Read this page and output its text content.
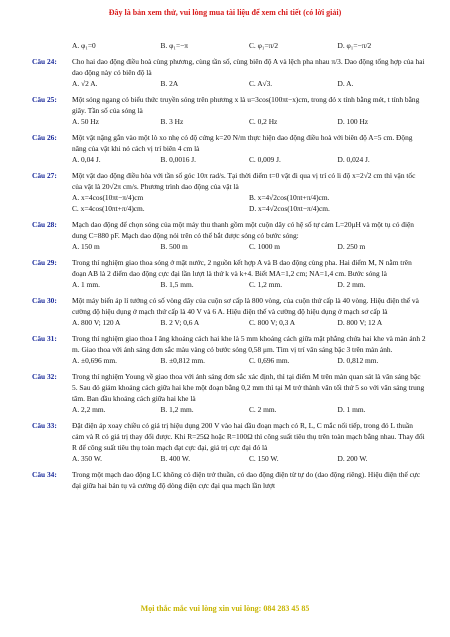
Đây là bản xem thử, vui lòng mua tài liệu để xem chi tiết (có lời giải)
A. φ₁=0	B. φ₁=−π	C. φ₁=π/2	D. φ₁=−π/2
Câu 24: Cho hai dao động điều hoà cùng phương, cùng tần số, cùng biên độ A và lệch pha nhau π/3. Dao động tổng hợp của hai dao động này có biên độ là
A. √2 A.	B. 2A	C. A√3.	D. A.
Câu 25: Một sóng ngang có biểu thức truyền sóng trên phương x là u=3cos(100πt−x)cm, trong đó x tính bằng mét, t tính bằng giây. Tần số của sóng là
A. 50 Hz	B. 3 Hz	C. 0,2 Hz	D. 100 Hz
Câu 26: Một vật nặng gắn vào một lò xo nhẹ có độ cứng k=20 N/m thực hiện dao động điều hoà với biên độ A=5 cm. Động năng của vật khi nó cách vị trí biên 4 cm là
A. 0,04 J.	B. 0,0016 J.	C. 0,009 J.	D. 0,024 J.
Câu 27: Một vật dao động điều hòa với tần số góc 10π rad/s. Tại thời điểm t=0 vật đi qua vị trí có li độ x=2√2 cm thì vận tốc của vật là 20√2π cm/s. Phương trình dao động của vật là
A. x=4cos(10πt−π/4)cm	B. x=4√2cos(10πt+π/4)cm.
C. x=4cos(10πt+π/4)cm.	D. x=4√2cos(10πt−π/4)cm.
Câu 28: Mạch dao động để chọn sóng của một máy thu thanh gồm một cuộn dây có hệ số tự cảm L=20μH và một tụ có điện dung C=880 pF. Mạch dao động nói trên có thể bắt được sóng có bước sóng:
A. 150 m	B. 500 m	C. 1000 m	D. 250 m
Câu 29: Trong thí nghiệm giao thoa sóng ở mặt nước, 2 nguồn kết hợp A và B dao động cùng pha. Hai điểm M, N nằm trên đoạn AB là 2 điểm dao động cực đại lần lượt là thứ k và k+4. Biết MA=1,2 cm; NA=1,4 cm. Bước sóng là
A. 1 mm.	B. 1,5 mm.	C. 1,2 mm.	D. 2 mm.
Câu 30: Một máy biến áp lí tưởng có số vòng dây của cuộn sơ cấp là 800 vòng, của cuộn thứ cấp là 40 vòng. Hiệu điện thế và cường độ hiệu dụng ở mạch thứ cấp là 40 V và 6 A. Hiệu điện thế và cường độ hiệu dụng ở mạch sơ cấp là
A. 800 V; 120 A	B. 2 V; 0,6 A	C. 800 V; 0,3 A	D. 800 V; 12 A
Câu 31: Trong thí nghiệm giao thoa I âng khoảng cách hai khe là 5 mm khoảng cách giữa mặt phẳng chứa hai khe và màn ảnh 2 m. Giao thoa với ánh sáng đơn sắc màu vàng có bước sóng 0,58 μm. Tìm vị trí vân sáng bậc 3 trên màn ảnh.
A. ±0,696 mm.	B. ±0,812 mm.	C. 0,696 mm.	D. 0,812 mm.
Câu 32: Trong thí nghiệm Young về giao thoa với ánh sáng đơn sắc xác định, thì tại điểm M trên màn quan sát là vân sáng bậc 5. Sau đó giảm khoảng cách giữa hai khe một đoạn bằng 0,2 mm thì tại M trở thành vân tối thứ 5 so với vân sáng trung tâm. Ban đầu khoảng cách giữa hai khe là
A. 2,2 mm.	B. 1,2 mm.	C. 2 mm.	D. 1 mm.
Câu 33: Đặt điện áp xoay chiều có giá trị hiệu dụng 200 V vào hai đầu đoạn mạch có R, L, C mắc nối tiếp, trong đó L thuần cảm và R có giá trị thay đổi được. Khi R=25Ω hoặc R=100Ω thì công suất tiêu thụ trên toàn mạch bằng nhau. Thay đổi R để công suất tiêu thụ toàn mạch đạt cực đại, giá trị cực đại đó là
A. 350 W.	B. 400 W.	C. 150 W.	D. 200 W.
Câu 34: Trong một mạch dao động LC không có điện trở thuần, có dao động điện từ tự do (dao động riêng). Hiệu điện thế cực đại giữa hai bản tụ và cường độ dòng điện cực đại qua mạch lần lượt
Mọi thắc mắc vui lòng xin vui lòng: 084 283 45 85
